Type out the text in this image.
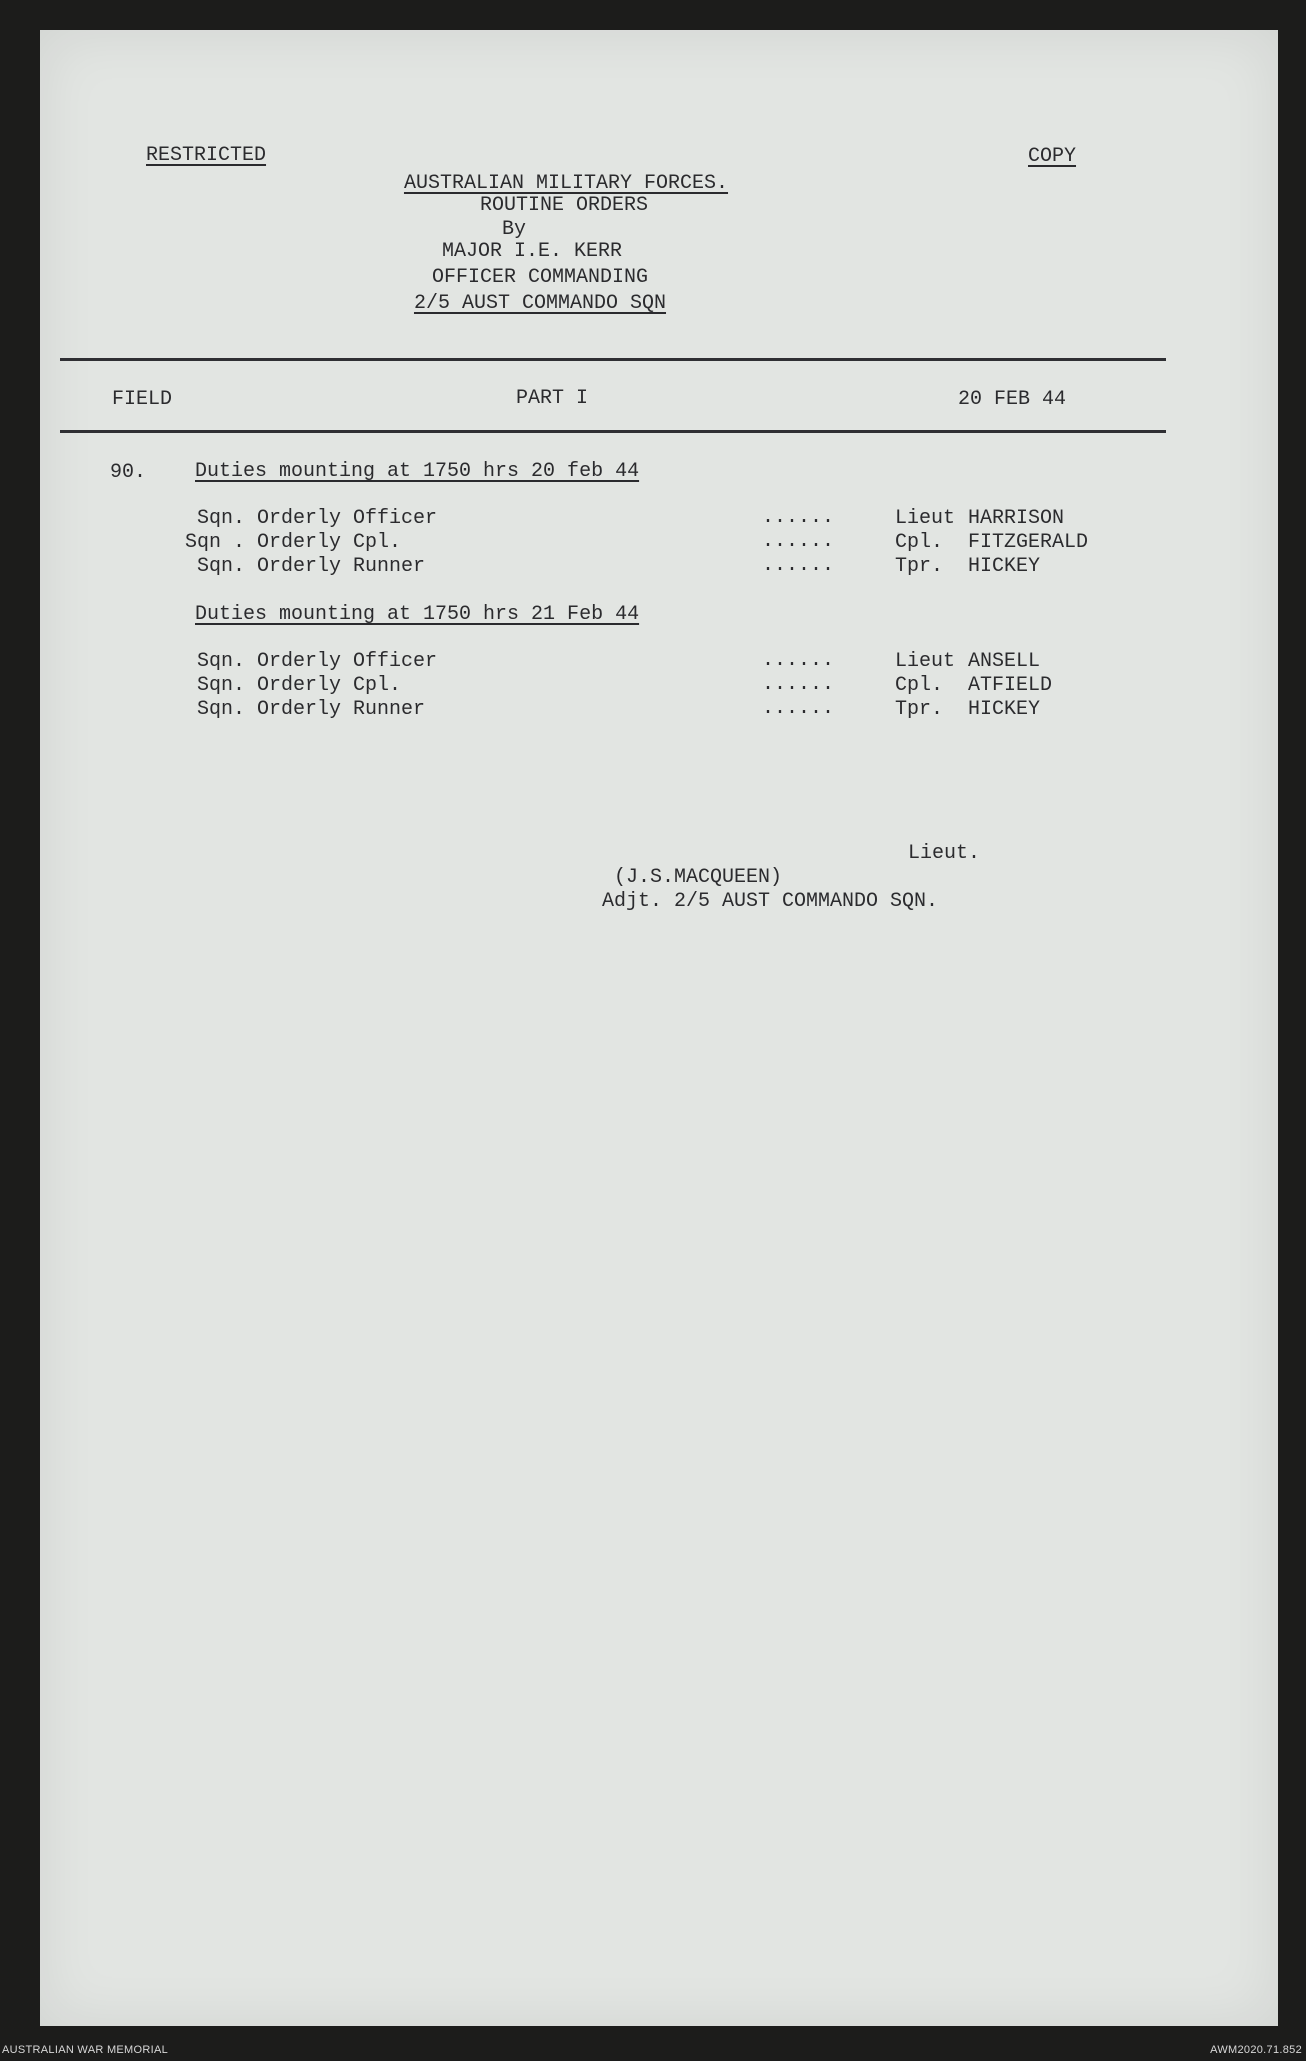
RESTRICTED	COPY
AUSTRALIAN MILITARY FORCES.
ROUTINE ORDERS
By
MAJOR I.E. KERR
OFFICER COMMANDING
2/5 AUST COMMANDO SQN
FIELD	PART I	20 FEB 44
90. Duties mounting at 1750 hrs 20 feb 44
Sqn. Orderly Officer	......	Lieut HARRISON
Sqn . Orderly Cpl.	......	Cpl. FITZGERALD
Sqn. Orderly Runner	......	Tpr. HICKEY
Duties mounting at 1750 hrs 21 Feb 44
Sqn. Orderly Officer	......	Lieut ANSELL
Sqn. Orderly Cpl.	......	Cpl. ATFIELD
Sqn. Orderly Runner	......	Tpr. HICKEY
Lieut.
(J.S.MACQUEEN)
Adjt. 2/5 AUST COMMANDO SQN.
AUSTRALIAN WAR MEMORIAL	AWM2020.71.852
